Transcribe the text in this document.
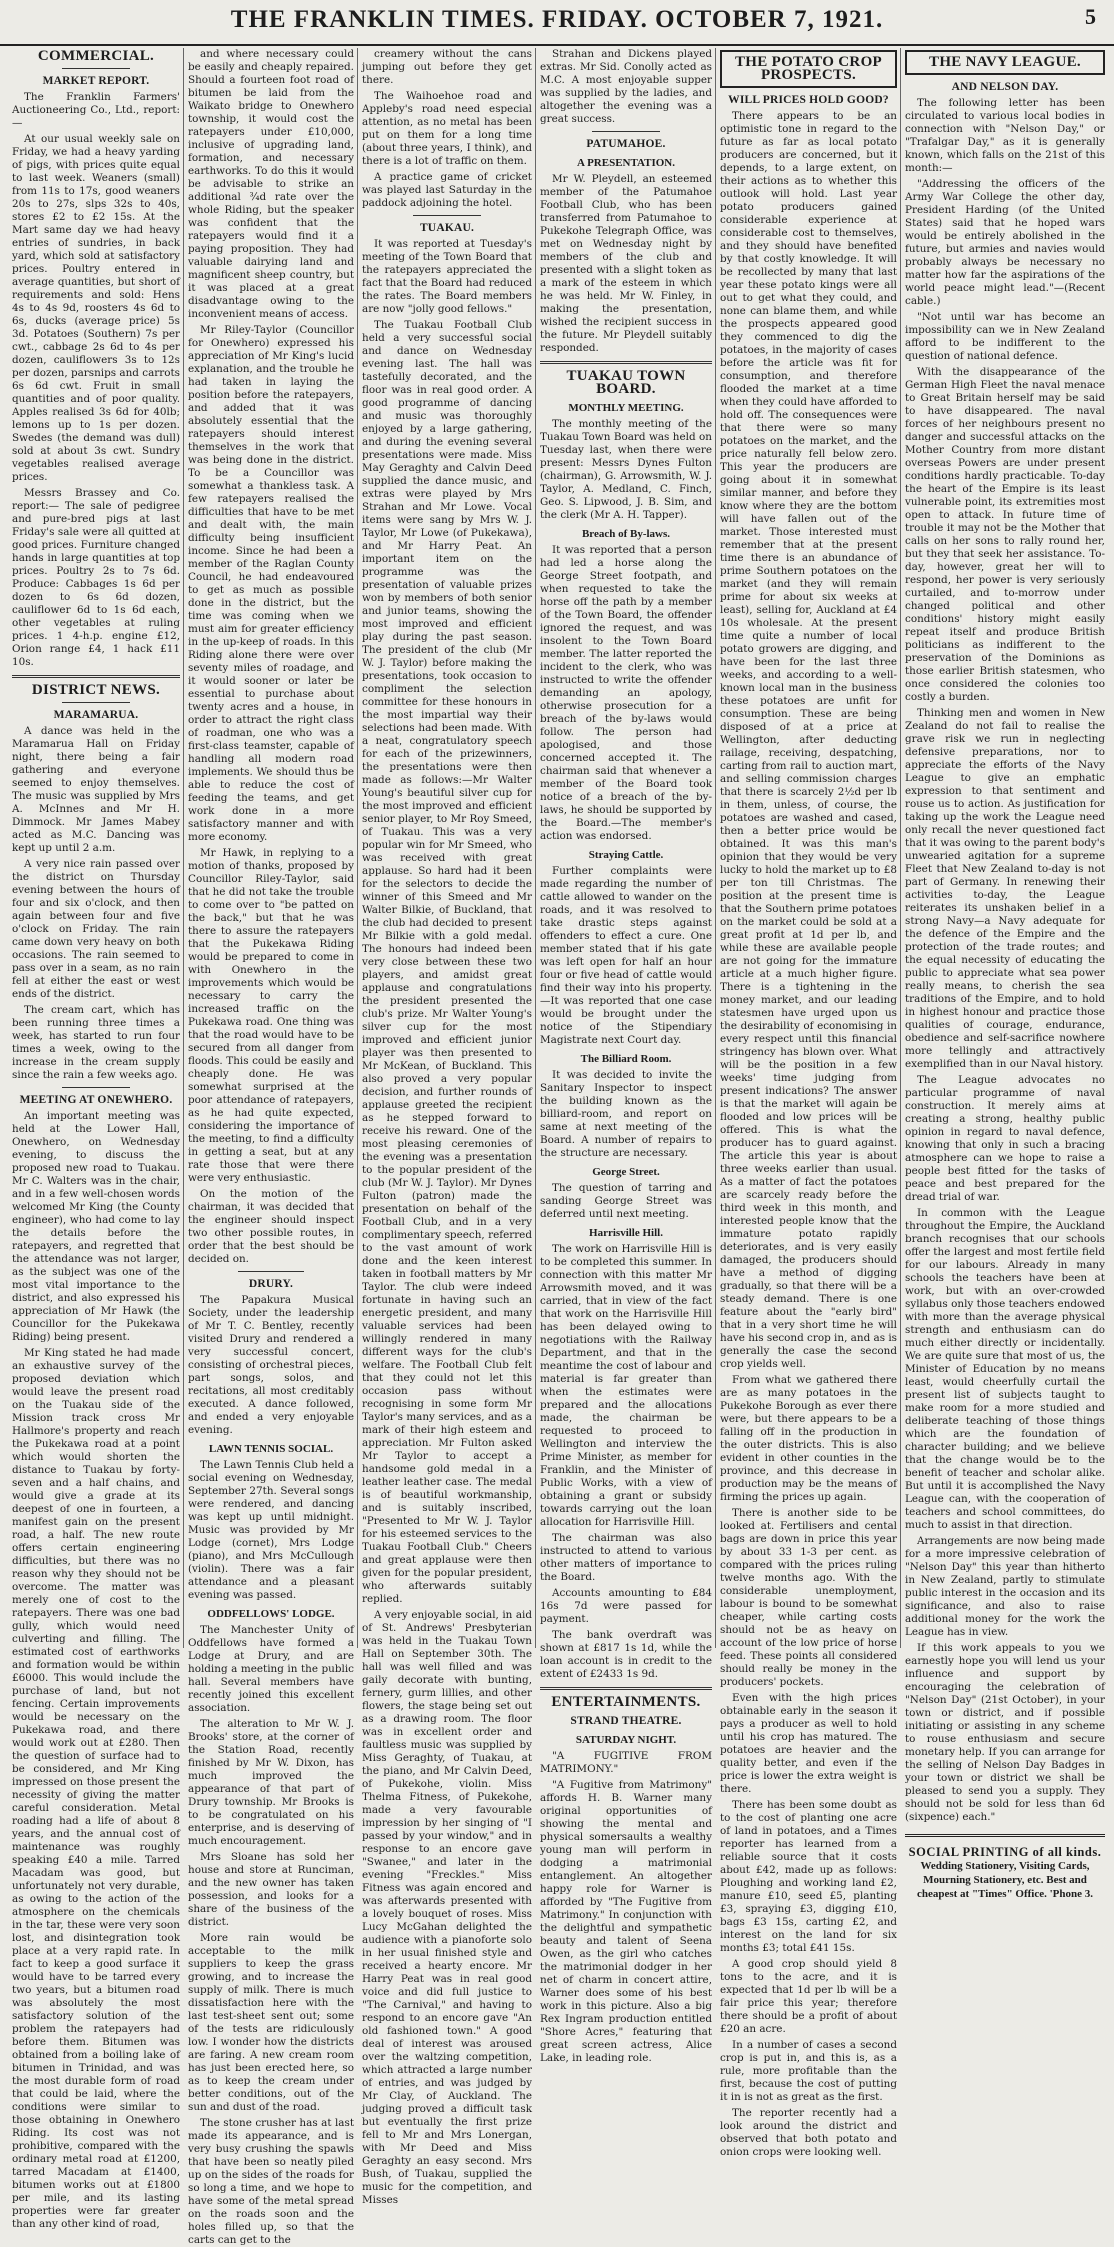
THE FRANKLIN TIMES. FRIDAY. OCTOBER 7, 1921.	5
COMMERCIAL.
MARKET REPORT.

The Franklin Farmers' Auctioneering Co., Ltd., report:—

At our usual weekly sale on Friday, we had a heavy yarding of pigs, with prices quite equal to last week. Weaners (small) from 11s to 17s, good weaners 20s to 27s, slps 32s to 40s, stores £2 to £2 15s. At the Mart same day we had heavy entries of sundries, in back yard, which sold at satisfactory prices. Poultry entered in average quantities, but short of requirements and sold: Hens 4s to 4s 9d, roosters 4s 6d to 6s, ducks (average price) 5s 3d. Potatoes (Southern) 7s per cwt., cabbage 2s 6d to 4s per dozen, cauliflowers 3s to 12s per dozen, parsnips and carrots 6s 6d cwt. Fruit in small quantities and of poor quality. Apples realised 3s 6d for 40lb; lemons up to 1s per dozen. Swedes (the demand was dull) sold at about 3s cwt. Sundry vegetables realised average prices.

Messrs Brassey and Co. report:— The sale of pedigree and pure-bred pigs at last Friday's sale were all quitted at good prices. Furniture changed hands in large quantities at top prices. Poultry 2s to 7s 6d. Produce: Cabbages 1s 6d per dozen to 6s 6d dozen, cauliflower 6d to 1s 6d each, other vegetables at ruling prices. 1 4-h.p. engine £12, Orion range £4, 1 hack £11 10s.

DISTRICT NEWS.
MARAMARUA.

A dance was held in the Maramarua Hall on Friday night, there being a fair gathering and everyone seemed to enjoy themselves. The music was supplied by Mrs A. McInnes and Mr H. Dimmock. Mr James Mabey acted as M.C. Dancing was kept up until 2 a.m.

A very nice rain passed over the district on Thursday evening between the hours of four and six o'clock, and then again between four and five o'clock on Friday. The rain came down very heavy on both occasions. The rain seemed to pass over in a seam, as no rain fell at either the east or west ends of the district.

The cream cart, which has been running three times a week, has started to run four times a week, owing to the increase in the cream supply since the rain a few weeks ago.

MEETING AT ONEWHERO.

An important meeting was held at the Lower Hall, Onewhero, on Wednesday evening, to discuss the proposed new road to Tuakau. Mr C. Walters was in the chair, and in a few well-chosen words welcomed Mr King (the County engineer), who had come to lay the details before the ratepayers, and regretted that the attendance was not larger, as the subject was one of the most vital importance to the district, and also expressed his appreciation of Mr Hawk (the Councillor for the Pukekawa Riding) being present.

Mr King stated he had made an exhaustive survey of the proposed deviation which would leave the present road on the Tuakau side of the Mission track cross Mr Hallmore's property and reach the Pukekawa road at a point which would shorten the distance to Tuakau by forty-seven and a half chains, and would give a grade at its deepest of one in fourteen, a manifest gain on the present road, a half. The new route offers certain engineering difficulties, but there was no reason why they should not be overcome. The matter was merely one of cost to the ratepayers. There was one bad gully, which would need culverting and filling. The estimated cost of earthworks and formation would be within £6000. This would include the purchase of land, but not fencing. Certain improvements would be necessary on the Pukekawa road, and there would work out at £280. Then the question of surface had to be considered, and Mr King impressed on those present the necessity of giving the matter careful consideration. Metal roading had a life of about 8 years, and the annual cost of maintenance was roughly speaking £40 a mile. Tarred Macadam was good, but unfortunately not very durable, as owing to the action of the atmosphere on the chemicals in the tar, these were very soon lost, and disintegration took place at a very rapid rate. In fact to keep a good surface it would have to be tarred every two years, but a bitumen road was absolutely the most satisfactory solution of the problem the ratepayers had before them. Bitumen was obtained from a boiling lake of bitumen in Trinidad, and was the most durable form of road that could be laid, where the conditions were similar to those obtaining in Onewhero Riding. Its cost was not prohibitive, compared with the ordinary metal road at £1200, tarred Macadam at £1400, bitumen works out at £1800 per mile, and its lasting properties were far greater than any other kind of road,

and where necessary could be easily and cheaply repaired. Should a fourteen foot road of bitumen be laid from the Waikato bridge to Onewhero township, it would cost the ratepayers under £10,000, inclusive of upgrading land, formation, and necessary earthworks. To do this it would be advisable to strike an additional ¾d rate over the whole Riding, but the speaker was confident that the ratepayers would find it a paying proposition. They had valuable dairying land and magnificent sheep country, but it was placed at a great disadvantage owing to the inconvenient means of access.

Mr Riley-Taylor (Councillor for Onewhero) expressed his appreciation of Mr King's lucid explanation, and the trouble he had taken in laying the position before the ratepayers, and added that it was absolutely essential that the ratepayers should interest themselves in the work that was being done in the district. To be a Councillor was somewhat a thankless task. A few ratepayers realised the difficulties that have to be met and dealt with, the main difficulty being insufficient income. Since he had been a member of the Raglan County Council, he had endeavoured to get as much as possible done in the district, but the time was coming when we must aim for greater efficiency in the up-keep of roads. In this Riding alone there were over seventy miles of roadage, and it would sooner or later be essential to purchase about twenty acres and a house, in order to attract the right class of roadman, one who was a first-class teamster, capable of handling all modern road implements. We should thus be able to reduce the cost of feeding the teams, and get work done in a more satisfactory manner and with more economy.

Mr Hawk, in replying to a motion of thanks, proposed by Councillor Riley-Taylor, said that he did not take the trouble to come over to "be patted on the back," but that he was there to assure the ratepayers that the Pukekawa Riding would be prepared to come in with Onewhero in the improvements which would be necessary to carry the increased traffic on the Pukekawa road. One thing was that the road would have to be secured from all danger from floods. This could be easily and cheaply done. He was somewhat surprised at the poor attendance of ratepayers, as he had quite expected, considering the importance of the meeting, to find a difficulty in getting a seat, but at any rate those that were there were very enthusiastic.

On the motion of the chairman, it was decided that the engineer should inspect two other possible routes, in order that the best should be decided on.

DRURY.

The Papakura Musical Society, under the leadership of Mr T. C. Bentley, recently visited Drury and rendered a very successful concert, consisting of orchestral pieces, part songs, solos, and recitations, all most creditably executed. A dance followed, and ended a very enjoyable evening.

LAWN TENNIS SOCIAL.

The Lawn Tennis Club held a social evening on Wednesday, September 27th. Several songs were rendered, and dancing was kept up until midnight. Music was provided by Mr Lodge (cornet), Mrs Lodge (piano), and Mrs McCullough (violin). There was a fair attendance and a pleasant evening was passed.

ODDFELLOWS' LODGE.

The Manchester Unity of Oddfellows have formed a Lodge at Drury, and are holding a meeting in the public hall. Several members have recently joined this excellent association.

The alteration to Mr W. J. Brooks' store, at the corner of the Station Road, recently finished by Mr W. Dixon, has much improved the appearance of that part of Drury township. Mr Brooks is to be congratulated on his enterprise, and is deserving of much encouragement.

Mrs Sloane has sold her house and store at Runciman, and the new owner has taken possession, and looks for a share of the business of the district.

More rain would be acceptable to the milk suppliers to keep the grass growing, and to increase the supply of milk. There is much dissatisfaction here with the last test-sheet sent out; some of the tests are ridiculously low. I wonder how the districts are faring. A new cream room has just been erected here, so as to keep the cream under better conditions, out of the sun and dust of the road.

The stone crusher has at last made its appearance, and is very busy crushing the spawls that have been so neatly piled up on the sides of the roads for so long a time, and we hope to have some of the metal spread on the roads soon and the holes filled up, so that the carts can get to the

creamery without the cans jumping out before they get there.

The Waihoehoe road and Appleby's road need especial attention, as no metal has been put on them for a long time (about three years, I think), and there is a lot of traffic on them.

A practice game of cricket was played last Saturday in the paddock adjoining the hotel.

TUAKAU.

It was reported at Tuesday's meeting of the Town Board that the ratepayers appreciated the fact that the Board had reduced the rates. The Board members are now "jolly good fellows."

The Tuakau Football Club held a very successful social and dance on Wednesday evening last. The hall was tastefully decorated, and the floor was in real good order. A good programme of dancing and music was thoroughly enjoyed by a large gathering, and during the evening several presentations were made. Miss May Geraghty and Calvin Deed supplied the dance music, and extras were played by Mrs Strahan and Mr Lowe. Vocal items were sang by Mrs W. J. Taylor, Mr Lowe (of Pukekawa), and Mr Harry Peat. An important item on the programme was the presentation of valuable prizes won by members of both senior and junior teams, showing the most improved and efficient play during the past season. The president of the club (Mr W. J. Taylor) before making the presentations, took occasion to compliment the selection committee for these honours in the most impartial way their selections had been made. With a neat, congratulatory speech for each of the prizewinners, the presentations were then made as follows:—Mr Walter Young's beautiful silver cup for the most improved and efficient senior player, to Mr Roy Smeed, of Tuakau. This was a very popular win for Mr Smeed, who was received with great applause. So hard had it been for the selectors to decide the winner of this Smeed and Mr Walter Bilkie, of Buckland, that the club had decided to present Mr Bilkie with a gold medal. The honours had indeed been very close between these two players, and amidst great applause and congratulations the president presented the club's prize. Mr Walter Young's silver cup for the most improved and efficient junior player was then presented to Mr McKean, of Buckland. This also proved a very popular decision, and further rounds of applause greeted the recipient as he stepped forward to receive his reward. One of the most pleasing ceremonies of the evening was a presentation to the popular president of the club (Mr W. J. Taylor). Mr Dynes Fulton (patron) made the presentation on behalf of the Football Club, and in a very complimentary speech, referred to the vast amount of work done and the keen interest taken in football matters by Mr Taylor. The club were indeed fortunate in having such an energetic president, and many valuable services had been willingly rendered in many different ways for the club's welfare. The Football Club felt that they could not let this occasion pass without recognising in some form Mr Taylor's many services, and as a mark of their high esteem and appreciation. Mr Fulton asked Mr Taylor to accept a handsome gold medal in a leather leather case. The medal is of beautiful workmanship, and is suitably inscribed, "Presented to Mr W. J. Taylor for his esteemed services to the Tuakau Football Club." Cheers and great applause were then given for the popular president, who afterwards suitably replied.

A very enjoyable social, in aid of St. Andrews' Presbyterian was held in the Tuakau Town Hall on September 30th. The hall was well filled and was gaily decorate with bunting, fernery, gurm lillies, and other flowers, the stage being set out as a drawing room. The floor was in excellent order and faultless music was supplied by Miss Geraghty, of Tuakau, at the piano, and Mr Calvin Deed, of Pukekohe, violin. Miss Thelma Fitness, of Pukekohe, made a very favourable impression by her singing of "I passed by your window," and in response to an encore gave "Swanee," and later in the evening "Freckles." Miss Fitness was again encored and was afterwards presented with a lovely bouquet of roses. Miss Lucy McGahan delighted the audience with a pianoforte solo in her usual finished style and received a hearty encore. Mr Harry Peat was in real good voice and did full justice to "The Carnival," and having to respond to an encore gave "An old fashioned town." A good deal of interest was aroused over the waltzing competition, which attracted a large number of entries, and was judged by Mr Clay, of Auckland. The judging proved a difficult task but eventually the first prize fell to Mr and Mrs Lonergan, with Mr Deed and Miss Geraghty an easy second. Mrs Bush, of Tuakau, supplied the music for the competition, and Misses

Strahan and Dickens played extras. Mr Sid. Conolly acted as M.C. A most enjoyable supper was supplied by the ladies, and altogether the evening was a great success.

PATUMAHOE.
A PRESENTATION.

Mr W. Pleydell, an esteemed member of the Patumahoe Football Club, who has been transferred from Patumahoe to Pukekohe Telegraph Office, was met on Wednesday night by members of the club and presented with a slight token as a mark of the esteem in which he was held. Mr W. Finley, in making the presentation, wished the recipient success in the future. Mr Pleydell suitably responded.

TUAKAU TOWN BOARD.
MONTHLY MEETING.

The monthly meeting of the Tuakau Town Board was held on Tuesday last, when there were present: Messrs Dynes Fulton (chairman), G. Arrowsmith, W. J. Taylor, A. Medland, C. Finch, Geo. S. Lipwood, J. B. Sim, and the clerk (Mr A. H. Tapper).

Breach of By-laws.

It was reported that a person had led a horse along the George Street footpath, and when requested to take the horse off the path by a member of the Town Board, the offender ignored the request, and was insolent to the Town Board member. The latter reported the incident to the clerk, who was instructed to write the offender demanding an apology, otherwise prosecution for a breach of the by-laws would follow. The person had apologised, and those concerned accepted it. The chairman said that whenever a member of the Board took notice of a breach of the by-laws, he should be supported by the Board.—The member's action was endorsed.

Straying Cattle.

Further complaints were made regarding the number of cattle allowed to wander on the roads, and it was resolved to take drastic steps against offenders to effect a cure. One member stated that if his gate was left open for half an hour four or five head of cattle would find their way into his property.—It was reported that one case would be brought under the notice of the Stipendiary Magistrate next Court day.

The Billiard Room.

It was decided to invite the Sanitary Inspector to inspect the building known as the billiard-room, and report on same at next meeting of the Board. A number of repairs to the structure are necessary.

George Street.

The question of tarring and sanding George Street was deferred until next meeting.

Harrisville Hill.

The work on Harrisville Hill is to be completed this summer. In connection with this matter Mr Arrowsmith moved, and it was carried, that in view of the fact that work on the Harrisville Hill has been delayed owing to negotiations with the Railway Department, and that in the meantime the cost of labour and material is far greater than when the estimates were prepared and the allocations made, the chairman be requested to proceed to Wellington and interview the Prime Minister, as member for Franklin, and the Minister of Public Works, with a view of obtaining a grant or subsidy towards carrying out the loan allocation for Harrisville Hill.

The chairman was also instructed to attend to various other matters of importance to the Board.

Accounts amounting to £84 16s 7d were passed for payment.

The bank overdraft was shown at £817 1s 1d, while the loan account is in credit to the extent of £2433 1s 9d.

ENTERTAINMENTS.
STRAND THEATRE.
SATURDAY NIGHT.

"A FUGITIVE FROM MATRIMONY."

"A Fugitive from Matrimony" affords H. B. Warner many original opportunities of showing the mental and physical somersaults a wealthy young man will perform in dodging a matrimonial entanglement. An altogether happy role for Warner is afforded by "The Fugitive from Matrimony." In conjunction with the delightful and sympathetic beauty and talent of Seena Owen, as the girl who catches the matrimonial dodger in her net of charm in concert attire, Warner does some of his best work in this picture. Also a big Rex Ingram production entitled "Shore Acres," featuring that great screen actress, Alice Lake, in leading role.

THE POTATO CROP PROSPECTS.
WILL PRICES HOLD GOOD?

There appears to be an optimistic tone in regard to the future as far as local potato producers are concerned, but it depends, to a large extent, on their actions as to whether this outlook will hold. Last year potato producers gained considerable experience at considerable cost to themselves, and they should have benefited by that costly knowledge. It will be recollected by many that last year these potato kings were all out to get what they could, and none can blame them, and while the prospects appeared good they commenced to dig the potatoes, in the majority of cases before the article was fit for consumption, and therefore flooded the market at a time when they could have afforded to hold off. The consequences were that there were so many potatoes on the market, and the price naturally fell below zero. This year the producers are going about it in somewhat similar manner, and before they know where they are the bottom will have fallen out of the market. Those interested must remember that at the present time there is an abundance of prime Southern potatoes on the market (and they will remain prime for about six weeks at least), selling for, Auckland at £4 10s wholesale. At the present time quite a number of local potato growers are digging, and have been for the last three weeks, and according to a well-known local man in the business these potatoes are unfit for consumption. These are being disposed of at a price at Wellington, after deducting railage, receiving, despatching, carting from rail to auction mart, and selling commission charges that there is scarcely 2½d per lb in them, unless, of course, the potatoes are washed and cased, then a better price would be obtained. It was this man's opinion that they would be very lucky to hold the market up to £8 per ton till Christmas. The position at the present time is that the Southern prime potatoes on the market could be sold at a great profit at 1d per lb, and while these are available people are not going for the immature article at a much higher figure. There is a tightening in the money market, and our leading statesmen have urged upon us the desirability of economising in every respect until this financial stringency has blown over. What will be the position in a few weeks' time judging from present indications? The answer is that the market will again be flooded and low prices will be offered. This is what the producer has to guard against. The article this year is about three weeks earlier than usual. As a matter of fact the potatoes are scarcely ready before the third week in this month, and interested people know that the immature potato rapidly deteriorates, and is very easily damaged, the producers should have a method of digging gradually, so that there will be a steady demand. There is one feature about the "early bird" that in a very short time he will have his second crop in, and as is generally the case the second crop yields well.

From what we gathered there are as many potatoes in the Pukekohe Borough as ever there were, but there appears to be a falling off in the production in the outer districts. This is also evident in other counties in the province, and this decrease in production may be the means of firming the prices up again.

There is another side to be looked at. Fertilisers and cental bags are down in price this year by about 33 1-3 per cent. as compared with the prices ruling twelve months ago. With the considerable unemployment, labour is bound to be somewhat cheaper, while carting costs should not be as heavy on account of the low price of horse feed. These points all considered should really be money in the producers' pockets.

Even with the high prices obtainable early in the season it pays a producer as well to hold until his crop has matured. The potatoes are heavier and the quality better, and even if the price is lower the extra weight is there.

There has been some doubt as to the cost of planting one acre of land in potatoes, and a Times reporter has learned from a reliable source that it costs about £42, made up as follows: Ploughing and working land £2, manure £10, seed £5, planting £3, spraying £3, digging £10, bags £3 15s, carting £2, and interest on the land for six months £3; total £41 15s.

A good crop should yield 8 tons to the acre, and it is expected that 1d per lb will be a fair price this year; therefore there should be a profit of about £20 an acre.

In a number of cases a second crop is put in, and this is, as a rule, more profitable than the first, because the cost of putting it in is not as great as the first.

The reporter recently had a look around the district and observed that both potato and onion crops were looking well.

THE NAVY LEAGUE.
AND NELSON DAY.

The following letter has been circulated to various local bodies in connection with "Nelson Day," or "Trafalgar Day," as it is generally known, which falls on the 21st of this month:—

"Addressing the officers of the Army War College the other day, President Harding (of the United States) said that he hoped wars would be entirely abolished in the future, but armies and navies would probably always be necessary no matter how far the aspirations of the world peace might lead."—(Recent cable.)

"Not until war has become an impossibility can we in New Zealand afford to be indifferent to the question of national defence.

With the disappearance of the German High Fleet the naval menace to Great Britain herself may be said to have disappeared. The naval forces of her neighbours present no danger and successful attacks on the Mother Country from more distant overseas Powers are under present conditions hardly practicable. To-day the heart of the Empire is its least vulnerable point, its extremities most open to attack. In future time of trouble it may not be the Mother that calls on her sons to rally round her, but they that seek her assistance. To-day, however, great her will to respond, her power is very seriously curtailed, and to-morrow under changed political and other conditions' history might easily repeat itself and produce British politicians as indifferent to the preservation of the Dominions as those earlier British statesmen, who once considered the colonies too costly a burden.

Thinking men and women in New Zealand do not fail to realise the grave risk we run in neglecting defensive preparations, nor to appreciate the efforts of the Navy League to give an emphatic expression to that sentiment and rouse us to action. As justification for taking up the work the League need only recall the never questioned fact that it was owing to the parent body's unwearied agitation for a supreme Fleet that New Zealand to-day is not part of Germany. In renewing their activities to-day, the League reiterates its unshaken belief in a strong Navy—a Navy adequate for the defence of the Empire and the protection of the trade routes; and the equal necessity of educating the public to appreciate what sea power really means, to cherish the sea traditions of the Empire, and to hold in highest honour and practice those qualities of courage, endurance, obedience and self-sacrifice nowhere more tellingly and attractively exemplified than in our Naval history.

The League advocates no particular programme of naval construction. It merely aims at creating a strong, healthy public opinion in regard to naval defence, knowing that only in such a bracing atmosphere can we hope to raise a people best fitted for the tasks of peace and best prepared for the dread trial of war.

In common with the League throughout the Empire, the Auckland branch recognises that our schools offer the largest and most fertile field for our labours. Already in many schools the teachers have been at work, but with an over-crowded syllabus only those teachers endowed with more than the average physical strength and enthusiasm can do much either directly or incidentally. We are quite sure that most of us, the Minister of Education by no means least, would cheerfully curtail the present list of subjects taught to make room for a more studied and deliberate teaching of those things which are the foundation of character building; and we believe that the change would be to the benefit of teacher and scholar alike. But until it is accomplished the Navy League can, with the cooperation of teachers and school committees, do much to assist in that direction.

Arrangements are now being made for a more impressive celebration of "Nelson Day" this year than hitherto in New Zealand, partly to stimulate public interest in the occasion and its significance, and also to raise additional money for the work the League has in view.

If this work appeals to you we earnestly hope you will lend us your influence and support by encouraging the celebration of "Nelson Day" (21st October), in your town or district, and if possible initiating or assisting in any scheme to rouse enthusiasm and secure monetary help. If you can arrange for the selling of Nelson Day Badges in your town or district we shall be pleased to send you a supply. They should not be sold for less than 6d (sixpence) each."

SOCIAL PRINTING of all kinds.
Wedding Stationery, Visiting Cards,
Mourning Stationery, etc. Best and
cheapest at "Times" Office. 'Phone 3.
